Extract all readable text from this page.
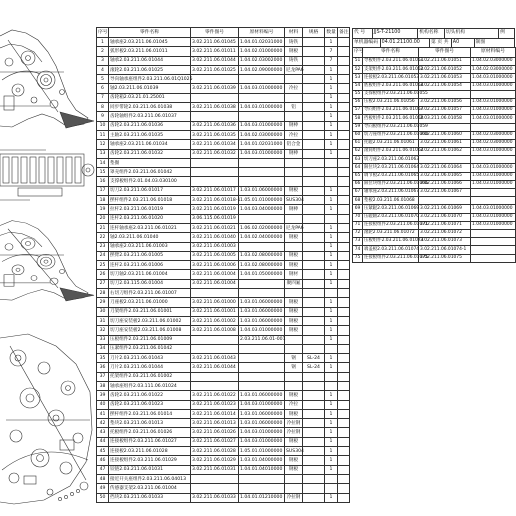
序号	零件名称	零件图号	原材料编号	材料	规格	数量	备注
1	轴承座2.03.211.06.01045	3.02.211.06.01045	1.04.01.02031000	铸铁		1	
2	弧形板2.03.211.06.01011	3.02.211.06.01011	1.04.02.01000000	钢板		7	
3	轴承2.03.211.06.01044	3.02.211.06.01044	1.04.02.03002000	铸铁		7	
4	滚轮2.03.211.06.01025	3.02.211.06.01025	1.04.02.09000000	尼龙PA6		1	
5	导向轴承座组件2.03.211.06.01Q1025					1	
6	轴2.03.211.06.01039	3.02.211.06.01039	1.04.03.01000000	冷拉		1	
7	齿轮箱2.03.21.01.25001					1	
8	同步带轮2.03.211.06.01038	3.02.211.06.01038	1.04.03.01000000	铝		1	
9	齿轮轴组件2.03.211.06.01037					1	
10	齿轮2.03.211.06.01036	3.02.211.06.01036	1.04.03.01000000	钢棒		1	
11	主轴2.03.211.06.01035	3.02.211.06.01035	1.04.02.03000000	冷拉		1	
12	轴承座2.03.211.06.01034	3.02.211.06.01034	1.04.01.02031000	铝合金		1	
13	齿轮2.03.211.06.01032	3.02.211.06.01032	1.04.03.01000000	钢棒		1	
14	垫圈						
15	罩壳组件2.03.211.06.01042						
16	支撑板组件2.01.04.03.030100						
17	切刀2.03.211.06.01017	3.02.211.06.01017	1.03.01.06000000	钢板		1	
18	摆杆组件2.03.211.06.01018	3.02.211.06.01018-1	1.05.01.01000000	SUS304		1	
19	拉杆2.03.211.06.01019	3.02.211.06.01019	1.04.03.04000000	钢棒		1	
20	连杆2.03.211.06.01020	3.06.115.06.01019					
21	连杆轴承座2.03.211.06.01021	3.02.211.06.01021	1.06.02.02000000	尼龙PA6		1	
22	轴2.03.211.06.01040	3.02.211.06.01040	1.04.02.04000000	钢板		1	
23	轴承座2.03.211.06.01003	3.02.211.06.01003				1	
24	摆臂2.03.211.06.01005	3.02.211.06.01005	1.03.02.08000000	钢板		1	
25	连杆2.03.211.06.01006	3.02.211.06.01006	1.03.02.08000000	钢板		1	
26	切刀轴2.03.211.06.01004	3.02.211.06.01004	1.04.01.05000000	钢材		1	
27	切刀2.03.115.06.01004	3.02.211.06.01004		聚四氟		1	
28	右切刀组件2.03.211.06.01007						
29	刀座板2.03.211.06.01000	3.02.211.06.01000	1.03.01.06000000	钢板		1	
30	刀架组件2.03.211.06.01001	3.02.211.06.01001	1.03.01.06000000	钢板		1	
31	切刀座安装板2.03.211.06.01002	3.02.211.06.01002	1.03.01.06000000	钢板		1	
32	切刀座安装板2.03.211.06.01008	3.02.211.06.01008	1.04.03.01000000	钢板		1	
33	压板组件2.03.211.06.01009		2.03.211.06.01-001			1	
34	压紧组件2.03.211.06.01042						
35	刀片2.03.211.06.01043	3.02.211.06.01043		钢	SL-24	1	
36	刀片2.03.211.06.01044	3.02.211.06.01044		钢	SL-24	1	
37	托架组件2.03.211.06.01002						
38	轴承座组件2.03.111.06.01024						
39	齿轮2.03.211.06.01022	3.02.211.06.01022	1.03.01.06000000	钢板		1	
40	齿轮2.03.211.06.01023	3.02.211.06.01023	1.04.03.01000000	冷拉		1	
41	摆杆组件2.03.211.06.01014	3.02.211.06.01014	1.03.01.06000000	钢板		1	
42	垫块2.03.211.06.01013	3.02.211.06.01013	1.03.01.06000000	冷拉钢		1	
43	托板组件2.03.211.06.01026	3.02.211.06.01026	1.04.03.01000000	冷拉钢		1	
44	连接板组件2.03.211.06.01027	3.02.211.06.01027	1.04.03.01000000	钢板		1	
45	连接板2.03.211.06.01028	3.02.211.06.01028	1.05.01.01000000	SUS304		1	
46	连接板组件2.03.211.06.01029	3.02.211.06.01029	1.03.01.04000000	钢板		1	
47	铰链2.03.211.06.01031	3.02.211.06.01031	1.04.01.04010000	钢板		1	
48	接近开关座组件2.03.211.06.04013						
49	传感器支架2.03.211.06.01004						
50	挡块2.03.211.06.01033	3.02.211.06.01033	1.04.01.01210000	冷拉钢		1	
代 号	JJS-T-21100	机构名称	切头机构	例
单机器编码 04.01.21100.00	第 页 共 A0	制图
序号	零件名称	零件图号	原材料编号
51	导板组件2.03.211.06.01051	3.02.211.06.01051	1.04.02.03000000
52	支架组件2.03.211.06.01052	3.02.211.06.01052	1.04.02.03000000
53	连接板2.03.211.06.01053	3.02.211.06.01053	1.04.03.01000000
54	底板组件2.03.211.06.01054	3.02.211.06.01054	1.04.03.01000000
55	支撑板组件2.03.211.06.01055		
56	压板2.03.211.06.01056	3.02.211.06.01056	1.04.03.01000000
57	导向组件2.03.211.06.01057	3.02.211.06.01057	1.04.03.01000000
58	挡板组件2.03.211.06.01058	2.03.211.06.01058	1.04.03.01000000
59	导向板组件2.03.211.06.01059		
60	切刀座组件2.03.211.06.01060	3.02.211.06.01060	1.04.02.03000000
61	托辊2.03.211.06.01061	3.02.211.06.01061	1.04.02.03000000
62	滚筒组件2.03.211.06.01062	3.02.211.06.01062	1.04.03.01000000
63	切刀座2.03.211.06.01063		
64	限位块2.03.211.06.01064	3.02.211.06.01064	1.04.03.01000000
65	调节板2.03.211.06.01065	3.02.211.06.01065	1.04.03.01000000
66	限位块组件2.03.211.06.01066	3.02.211.06.01066	1.04.03.01000000
67	轴承座2.03.211.06.01067	3.02.211.06.01067	
68	垫板2.03.211.06.01068		
69	压紧辊2.03.211.06.01069	3.02.211.06.01069	1.04.03.01000000
70	压辊轴2.03.211.06.01070	3.02.211.06.01070	1.04.03.01000000
71	连接板组件2.03.211.06.01071	3.02.211.06.01071	1.04.03.01000000
72	滚轮2.03.211.06.01072	3.02.211.06.01072	
73	压板组件2.03.211.06.01073	3.02.211.06.01073	
74	端盖板2.03.211.06.01074	3.02.211.06.01074-1	
75	连接板组件2.03.211.06.01075	3.02.211.06.01075	
